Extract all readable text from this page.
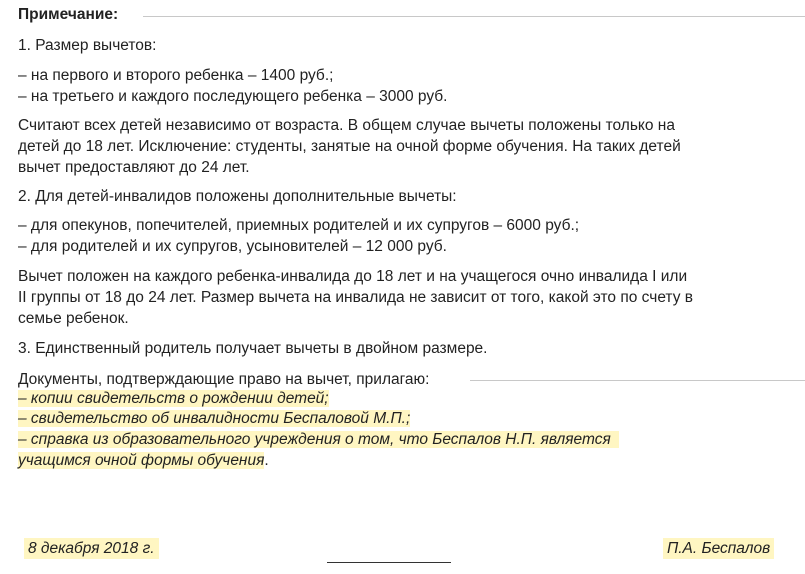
Примечание:
1. Размер вычетов:
– на первого и второго ребенка – 1400 руб.;
– на третьего и каждого последующего ребенка – 3000 руб.
Считают всех детей независимо от возраста. В общем случае вычеты положены только на
детей до 18 лет. Исключение: студенты, занятые на очной форме обучения. На таких детей
вычет предоставляют до 24 лет.
2. Для детей-инвалидов положены дополнительные вычеты:
– для опекунов, попечителей, приемных родителей и их супругов – 6000 руб.;
– для родителей и их супругов, усыновителей – 12 000 руб.
Вычет положен на каждого ребенка-инвалида до 18 лет и на учащегося очно инвалида I или
II группы от 18 до 24 лет. Размер вычета на инвалида не зависит от того, какой это по счету в
семье ребенок.
3. Единственный родитель получает вычеты в двойном размере.
Документы, подтверждающие право на вычет, прилагаю:
– копии свидетельств о рождении детей;
– свидетельство об инвалидности Беспаловой М.П.;
– справка из образовательного учреждения о том, что Беспалов Н.П. является
учащимся очной формы обучения.
8 декабря 2018 г.	П.А. Беспалов
